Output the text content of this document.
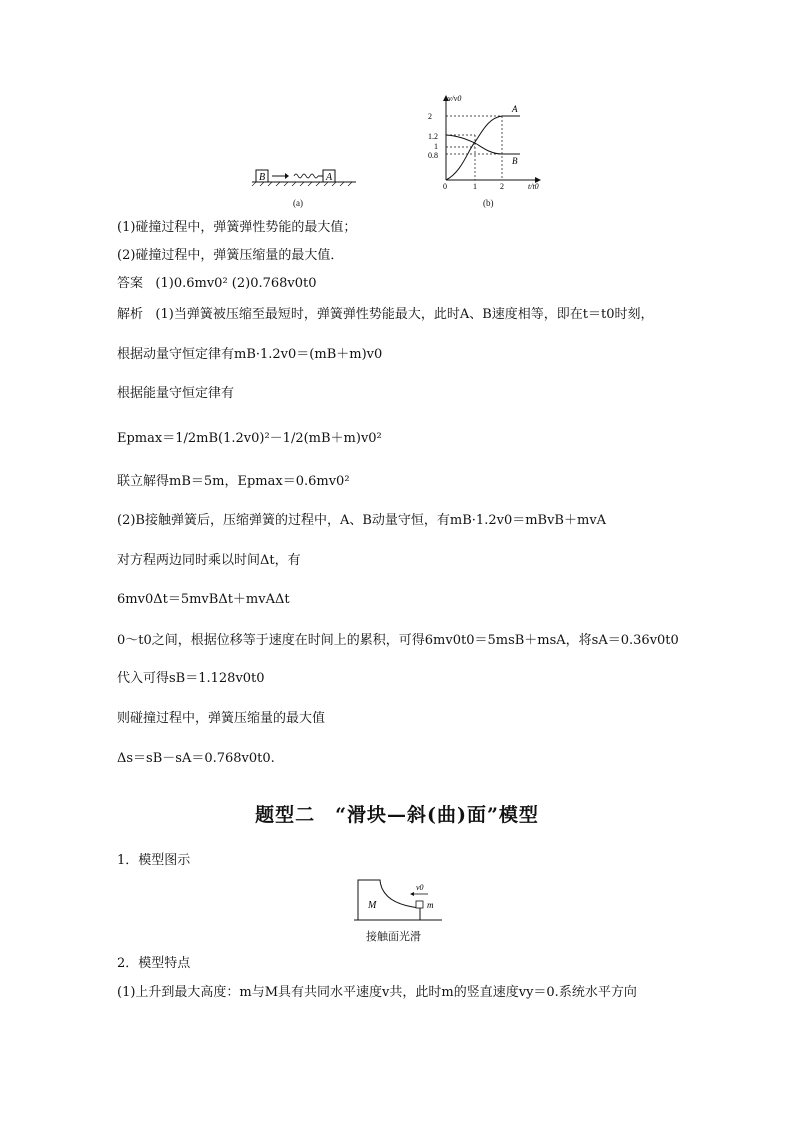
B	A
(a)
v/v0
t/t0
2
1.2
1
0.8
0	1	2
A
B
(b)
(1)碰撞过程中，弹簧弹性势能的最大值；
(2)碰撞过程中，弹簧压缩量的最大值．
答案 (1)0.6mv0² (2)0.768v0t0
解析 (1)当弹簧被压缩至最短时，弹簧弹性势能最大，此时A、B速度相等，即在t＝t0时刻，
根据动量守恒定律有mB·1.2v0＝(mB＋m)v0
根据能量守恒定律有
Epmax＝1/2mB(1.2v0)²－1/2(mB＋m)v0²
联立解得mB＝5m，Epmax＝0.6mv0²
(2)B接触弹簧后，压缩弹簧的过程中，A、B动量守恒，有mB·1.2v0＝mBvB＋mvA
对方程两边同时乘以时间Δt，有
6mv0Δt＝5mvBΔt＋mvAΔt
0～t0之间，根据位移等于速度在时间上的累积，可得6mv0t0＝5msB＋msA，将sA＝0.36v0t0
代入可得sB＝1.128v0t0
则碰撞过程中，弹簧压缩量的最大值
Δs＝sB－sA＝0.768v0t0.
题型二　“滑块—斜(曲)面”模型
1．模型图示
M	m
v0
接触面光滑
2．模型特点
(1)上升到最大高度：m与M具有共同水平速度v共，此时m的竖直速度vy＝0.系统水平方向
